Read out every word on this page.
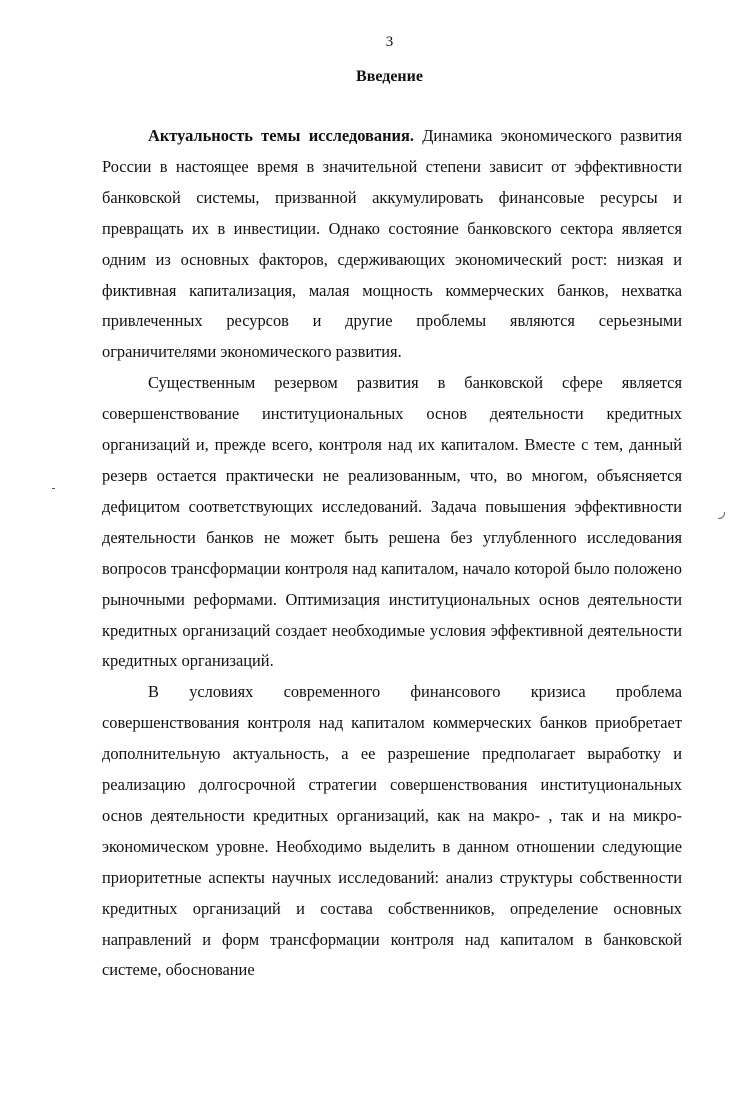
3
Введение

Актуальность темы исследования. Динамика экономического развития России в настоящее время в значительной степени зависит от эффективности банковской системы, призванной аккумулировать финансовые ресурсы и превращать их в инвестиции. Однако состояние банковского сектора является одним из основных факторов, сдерживающих экономический рост: низкая и фиктивная капитализация, малая мощность коммерческих банков, нехватка привлеченных ресурсов и другие проблемы являются серьезными ограничителями экономического развития.

Существенным резервом развития в банковской сфере является совершенствование институциональных основ деятельности кредитных организаций и, прежде всего, контроля над их капиталом. Вместе с тем, данный резерв остается практически не реализованным, что, во многом, объясняется дефицитом соответствующих исследований. Задача повышения эффективности деятельности банков не может быть решена без углубленного исследования вопросов трансформации контроля над капиталом, начало которой было положено рыночными реформами. Оптимизация институциональных основ деятельности кредитных организаций создает необходимые условия эффективной деятельности кредитных организаций.

В условиях современного финансового кризиса проблема совершенствования контроля над капиталом коммерческих банков приобретает дополнительную актуальность, а ее разрешение предполагает выработку и реализацию долгосрочной стратегии совершенствования институциональных основ деятельности кредитных организаций, как на макро- , так и на микро- экономическом уровне. Необходимо выделить в данном отношении следующие приоритетные аспекты научных исследований: анализ структуры собственности кредитных организаций и состава собственников, определение основных направлений и форм трансформации контроля над капиталом в банковской системе, обоснование
